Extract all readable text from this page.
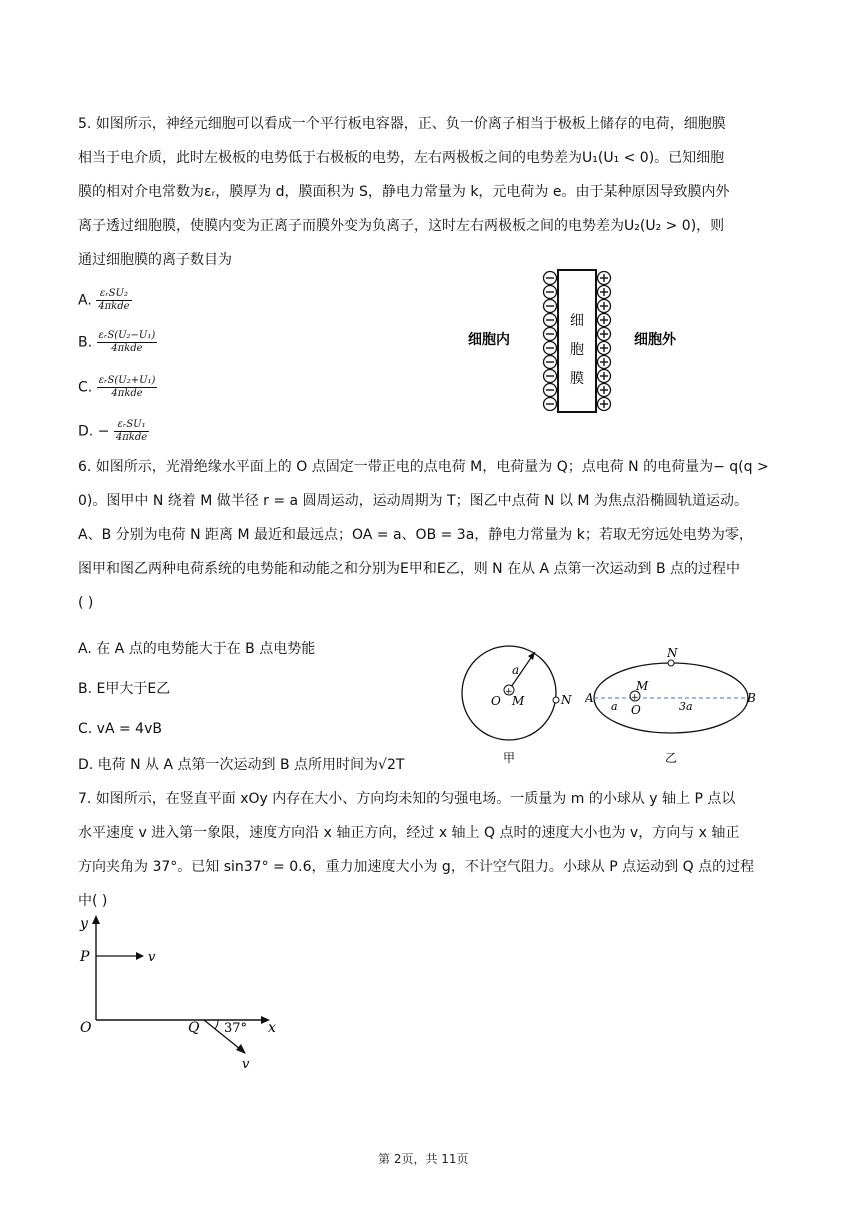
5. 如图所示，神经元细胞可以看成一个平行板电容器，正、负一价离子相当于极板上储存的电荷，细胞膜
相当于电介质，此时左极板的电势低于右极板的电势，左右两极板之间的电势差为U₁(U₁ < 0)。已知细胞
膜的相对介电常数为εᵣ，膜厚为 d，膜面积为 S，静电力常量为 k，元电荷为 e。由于某种原因导致膜内外
离子透过细胞膜，使膜内变为正离子而膜外变为负离子，这时左右两极板之间的电势差为U₂(U₂ > 0)，则
通过细胞膜的离子数目为
A. $\frac{\text{εᵣSU₂}}{\text{4πkde}}$
B. $\frac{\text{εᵣS(U₂−U₁)}}{\text{4πkde}}$
C. $\frac{\text{εᵣS(U₂+U₁)}}{\text{4πkde}}$
D. − $\frac{\text{εᵣSU₁}}{\text{4πkde}}$
细胞内	细胞外
细
胞
膜
6. 如图所示，光滑绝缘水平面上的 O 点固定一带正电的点电荷 M，电荷量为 Q；点电荷 N 的电荷量为− q(q >
0)。图甲中 N 绕着 M 做半径 r = a 圆周运动，运动周期为 T；图乙中点荷 N 以 M 为焦点沿椭圆轨道运动。
A、B 分别为电荷 N 距离 M 最近和最远点；OA = a、OB = 3a，静电力常量为 k；若取无穷远处电势为零，
图甲和图乙两种电荷系统的电势能和动能之和分别为E甲和E乙，则 N 在从 A 点第一次运动到 B 点的过程中
( )
A. 在 A 点的电势能大于在 B 点电势能
B. E甲大于E乙
C. vA = 4vB
D. 电荷 N 从 A 点第一次运动到 B 点所用时间为√2T
a
+
O M	N
甲
N
A	+
M
O
a	3a
B
乙
7. 如图所示，在竖直平面 xOy 内存在大小、方向均未知的匀强电场。一质量为 m 的小球从 y 轴上 P 点以
水平速度 v 进入第一象限，速度方向沿 x 轴正方向，经过 x 轴上 Q 点时的速度大小也为 v，方向与 x 轴正
方向夹角为 37°。已知 sin37° = 0.6，重力加速度大小为 g，不计空气阻力。小球从 P 点运动到 Q 点的过程
中( )
y
x
O
P	v
Q 37°
v
第 2页，共 11页
